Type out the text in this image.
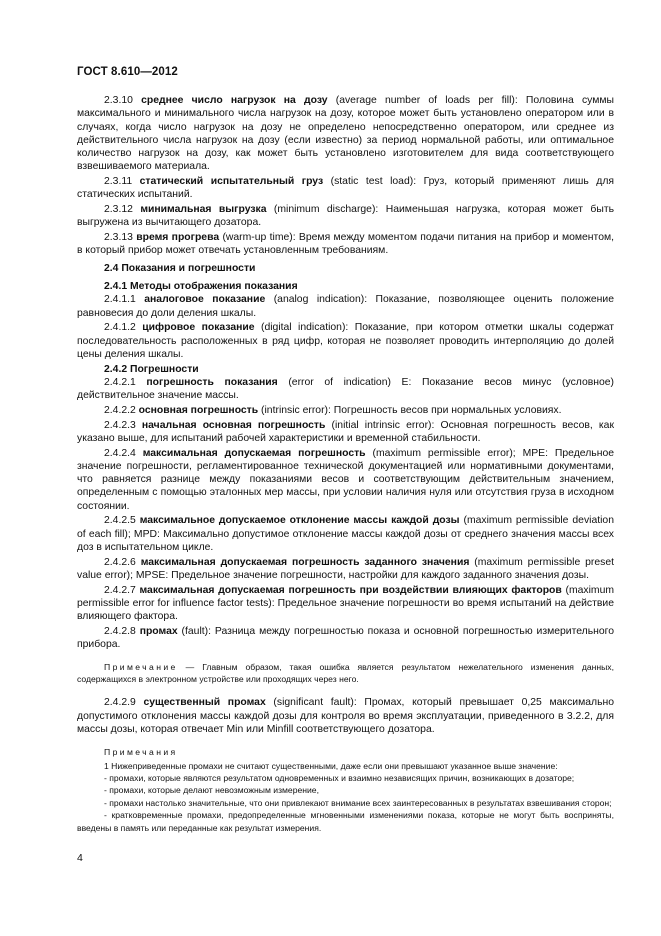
ГОСТ 8.610—2012

2.3.10 среднее число нагрузок на дозу (average number of loads per fill): Половина суммы максимального и минимального числа нагрузок на дозу, которое может быть установлено оператором или в случаях, когда число нагрузок на дозу не определено непосредственно оператором, или среднее из действительного числа нагрузок на дозу (если известно) за период нормальной работы, или оптимальное количество нагрузок на дозу, как может быть установлено изготовителем для вида соответствующего взвешиваемого материала.

2.3.11 статический испытательный груз (static test load): Груз, который применяют лишь для статических испытаний.

2.3.12 минимальная выгрузка (minimum discharge): Наименьшая нагрузка, которая может быть выгружена из вычитающего дозатора.

2.3.13 время прогрева (warm-up time): Время между моментом подачи питания на прибор и моментом, в который прибор может отвечать установленным требованиям.

2.4 Показания и погрешности

2.4.1 Методы отображения показания

2.4.1.1 аналоговое показание (analog indication): Показание, позволяющее оценить положение равновесия до доли деления шкалы.

2.4.1.2 цифровое показание (digital indication): Показание, при котором отметки шкалы содержат последовательность расположенных в ряд цифр, которая не позволяет проводить интерполяцию до долей цены деления шкалы.

2.4.2 Погрешности

2.4.2.1 погрешность показания (error of indication) E: Показание весов минус (условное) действительное значение массы.

2.4.2.2 основная погрешность (intrinsic error): Погрешность весов при нормальных условиях.

2.4.2.3 начальная основная погрешность (initial intrinsic error): Основная погрешность весов, как указано выше, для испытаний рабочей характеристики и временной стабильности.

2.4.2.4 максимальная допускаемая погрешность (maximum permissible error); MPE: Предельное значение погрешности, регламентированное технической документацией или нормативными документами, что равняется разнице между показаниями весов и соответствующим действительным значением, определенным с помощью эталонных мер массы, при условии наличия нуля или отсутствия груза в исходном состоянии.

2.4.2.5 максимальное допускаемое отклонение массы каждой дозы (maximum permissible deviation of each fill); MPD: Максимально допустимое отклонение массы каждой дозы от среднего значения массы всех доз в испытательном цикле.

2.4.2.6 максимальная допускаемая погрешность заданного значения (maximum permissible preset value error); MPSE: Предельное значение погрешности, настройки для каждого заданного значения дозы.

2.4.2.7 максимальная допускаемая погрешность при воздействии влияющих факторов (maximum permissible error for influence factor tests): Предельное значение погрешности во время испытаний на действие влияющего фактора.

2.4.2.8 промах (fault): Разница между погрешностью показа и основной погрешностью измерительного прибора.

Примечание — Главным образом, такая ошибка является результатом нежелательного изменения данных, содержащихся в электронном устройстве или проходящих через него.

2.4.2.9 существенный промах (significant fault): Промах, который превышает 0,25 максимально допустимого отклонения массы каждой дозы для контроля во время эксплуатации, приведенного в 3.2.2, для массы дозы, которая отвечает Min или Minfill соответствующего дозатора.

Примечания

1 Нижеприведенные промахи не считают существенными, даже если они превышают указанное выше значение:

- промахи, которые являются результатом одновременных и взаимно независящих причин, возникающих в дозаторе;

- промахи, которые делают невозможным измерение,

- промахи настолько значительные, что они привлекают внимание всех заинтересованных в результатах взвешивания сторон;

- кратковременные промахи, предопределенные мгновенными изменениями показа, которые не могут быть восприняты, введены в память или переданные как результат измерения.

4
